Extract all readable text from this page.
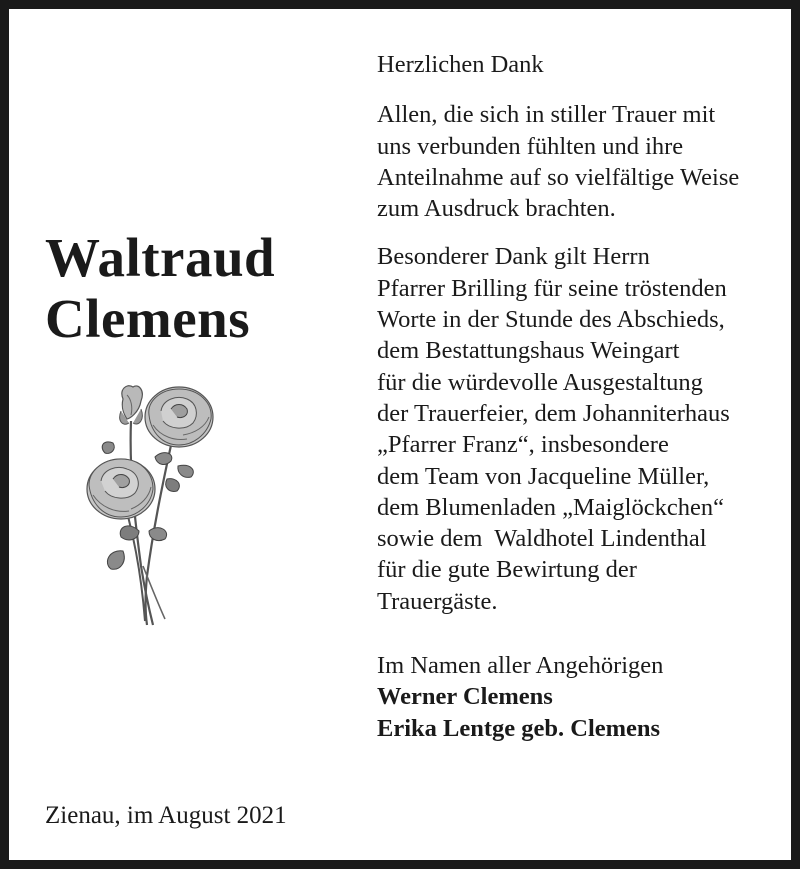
Waltraud
Clemens
Zienau, im August 2021
Herzlichen Dank
Allen, die sich in stiller Trauer mit
uns verbunden fühlten und ihre
Anteilnahme auf so vielfältige Weise
zum Ausdruck brachten.
Besonderer Dank gilt Herrn
Pfarrer Brilling für seine tröstenden
Worte in der Stunde des Abschieds,
dem Bestattungshaus Weingart
für die würdevolle Ausgestaltung
der Trauerfeier, dem Johanniterhaus
„Pfarrer Franz“, insbesondere
dem Team von Jacqueline Müller,
dem Blumenladen „Maiglöckchen“
sowie dem  Waldhotel Lindenthal
für die gute Bewirtung der
Trauergäste.
Im Namen aller Angehörigen
Werner Clemens
Erika Lentge geb. Clemens
